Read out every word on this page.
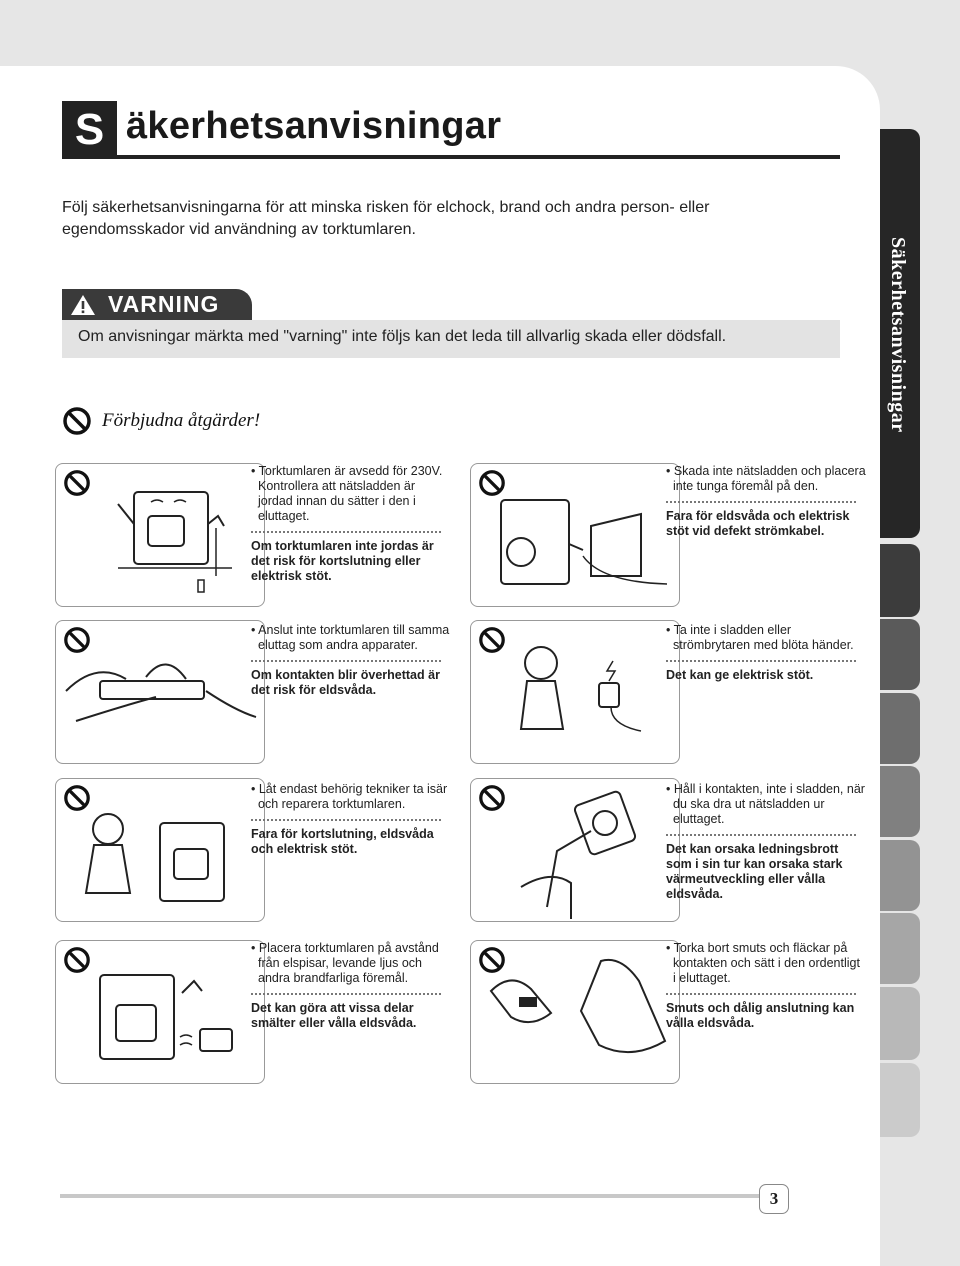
Säkerhetsanvisningar
S äkerhetsanvisningar
Följ säkerhetsanvisningarna för att minska risken för elchock, brand och andra person- eller egendomsskador vid användning av torktumlaren.
VARNING
Om anvisningar märkta med "varning" inte följs kan det leda till allvarlig skada eller dödsfall.
Förbjudna åtgärder!
• Torktumlaren är avsedd för 230V. Kontrollera att nätsladden är jordad innan du sätter i den i eluttaget.
Om torktumlaren inte jordas är det risk för kortslutning eller elektrisk stöt.
• Skada inte nätsladden och placera inte tunga föremål på den.
Fara för eldsvåda och elektrisk stöt vid defekt strömkabel.
• Anslut inte torktumlaren till samma eluttag som andra apparater.
Om kontakten blir överhettad är det risk för eldsvåda.
• Ta inte i sladden eller strömbrytaren med blöta händer.
Det kan ge elektrisk stöt.
• Låt endast behörig tekniker ta isär och reparera torktumlaren.
Fara för kortslutning, eldsvåda och elektrisk stöt.
• Håll i kontakten, inte i sladden, när du ska dra ut nätsladden ur eluttaget.
Det kan orsaka ledningsbrott som i sin tur kan orsaka stark värmeutveckling eller vålla eldsvåda.
• Placera torktumlaren på avstånd från elspisar, levande ljus och andra brandfarliga föremål.
Det kan göra att vissa delar smälter eller vålla eldsvåda.
• Torka bort smuts och fläckar på kontakten och sätt i den ordentligt i eluttaget.
Smuts och dålig anslutning kan vålla eldsvåda.
3
